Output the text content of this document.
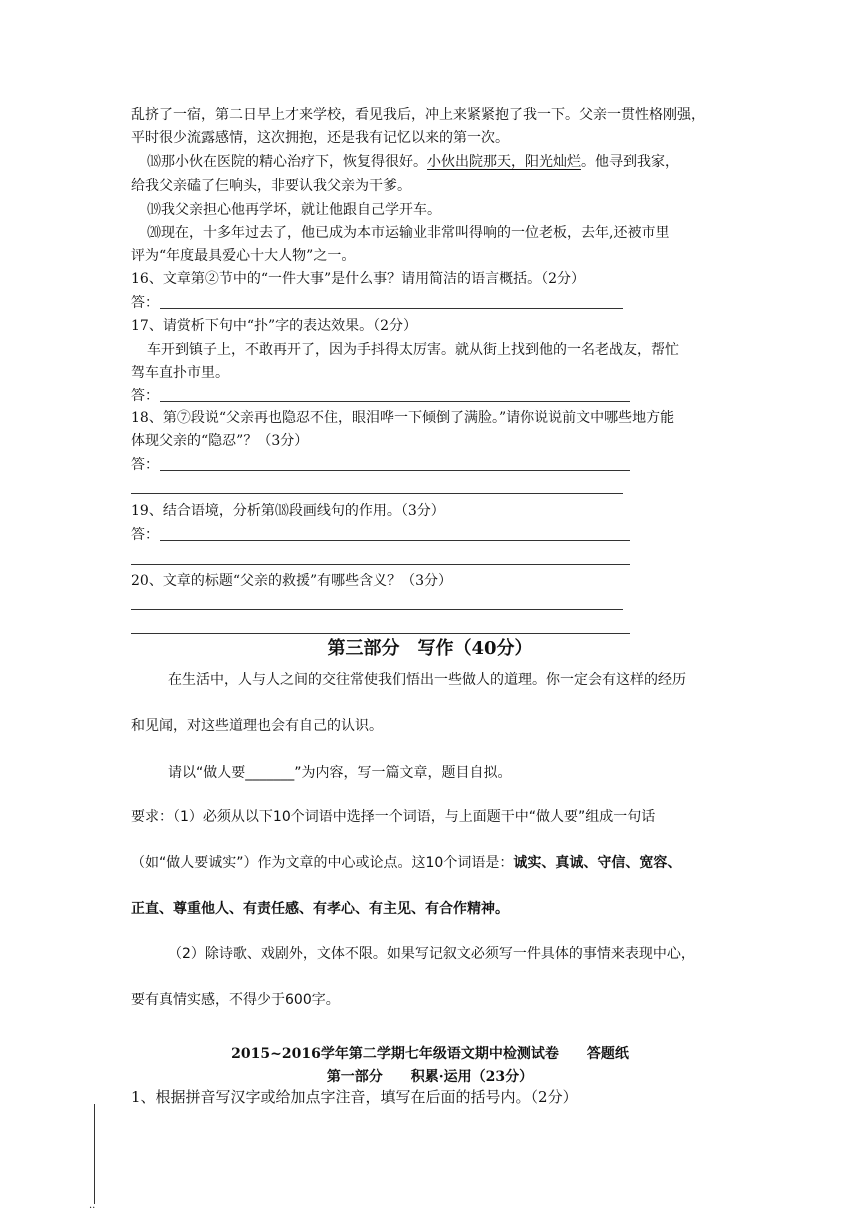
乱挤了一宿，第二日早上才来学校，看见我后，冲上来紧紧抱了我一下。父亲一贯性格刚强，
平时很少流露感情，这次拥抱，还是我有记忆以来的第一次。
⒅那小伙在医院的精心治疗下，恢复得很好。小伙出院那天，阳光灿烂。他寻到我家，
给我父亲磕了仨响头，非要认我父亲为干爹。
⒆我父亲担心他再学坏，就让他跟自己学开车。
⒇现在，十多年过去了，他已成为本市运输业非常叫得响的一位老板，去年,还被市里
评为“年度最具爱心十大人物”之一。
16、文章第②节中的“一件大事”是什么事？请用简洁的语言概括。（2分）
答：
17、请赏析下句中“扑”字的表达效果。（2分）
车开到镇子上，不敢再开了，因为手抖得太厉害。就从街上找到他的一名老战友，帮忙
驾车直扑市里。
答：
18、第⑦段说“父亲再也隐忍不住，眼泪哗一下倾倒了满脸。”请你说说前文中哪些地方能
体现父亲的“隐忍”？（3分）
答：
19、结合语境，分析第⒅段画线句的作用。（3分）
答：
20、文章的标题“父亲的救援”有哪些含义？（3分）
第三部分　写作（40分）
在生活中，人与人之间的交往常使我们悟出一些做人的道理。你一定会有这样的经历
和见闻，对这些道理也会有自己的认识。
请以“做人要_______”为内容，写一篇文章，题目自拟。
要求：（1）必须从以下10个词语中选择一个词语，与上面题干中“做人要”组成一句话
（如“做人要诚实”）作为文章的中心或论点。这10个词语是：诚实、真诚、守信、宽容、
正直、尊重他人、有责任感、有孝心、有主见、有合作精神。
（2）除诗歌、戏剧外，文体不限。如果写记叙文必须写一件具体的事情来表现中心，
要有真情实感，不得少于600字。
2015~2016学年第二学期七年级语文期中检测试卷　　答题纸
第一部分　　积累·运用（23分）
1、根据拼音写汉字或给加点字注音，填写在后面的括号内。（2分）
..
